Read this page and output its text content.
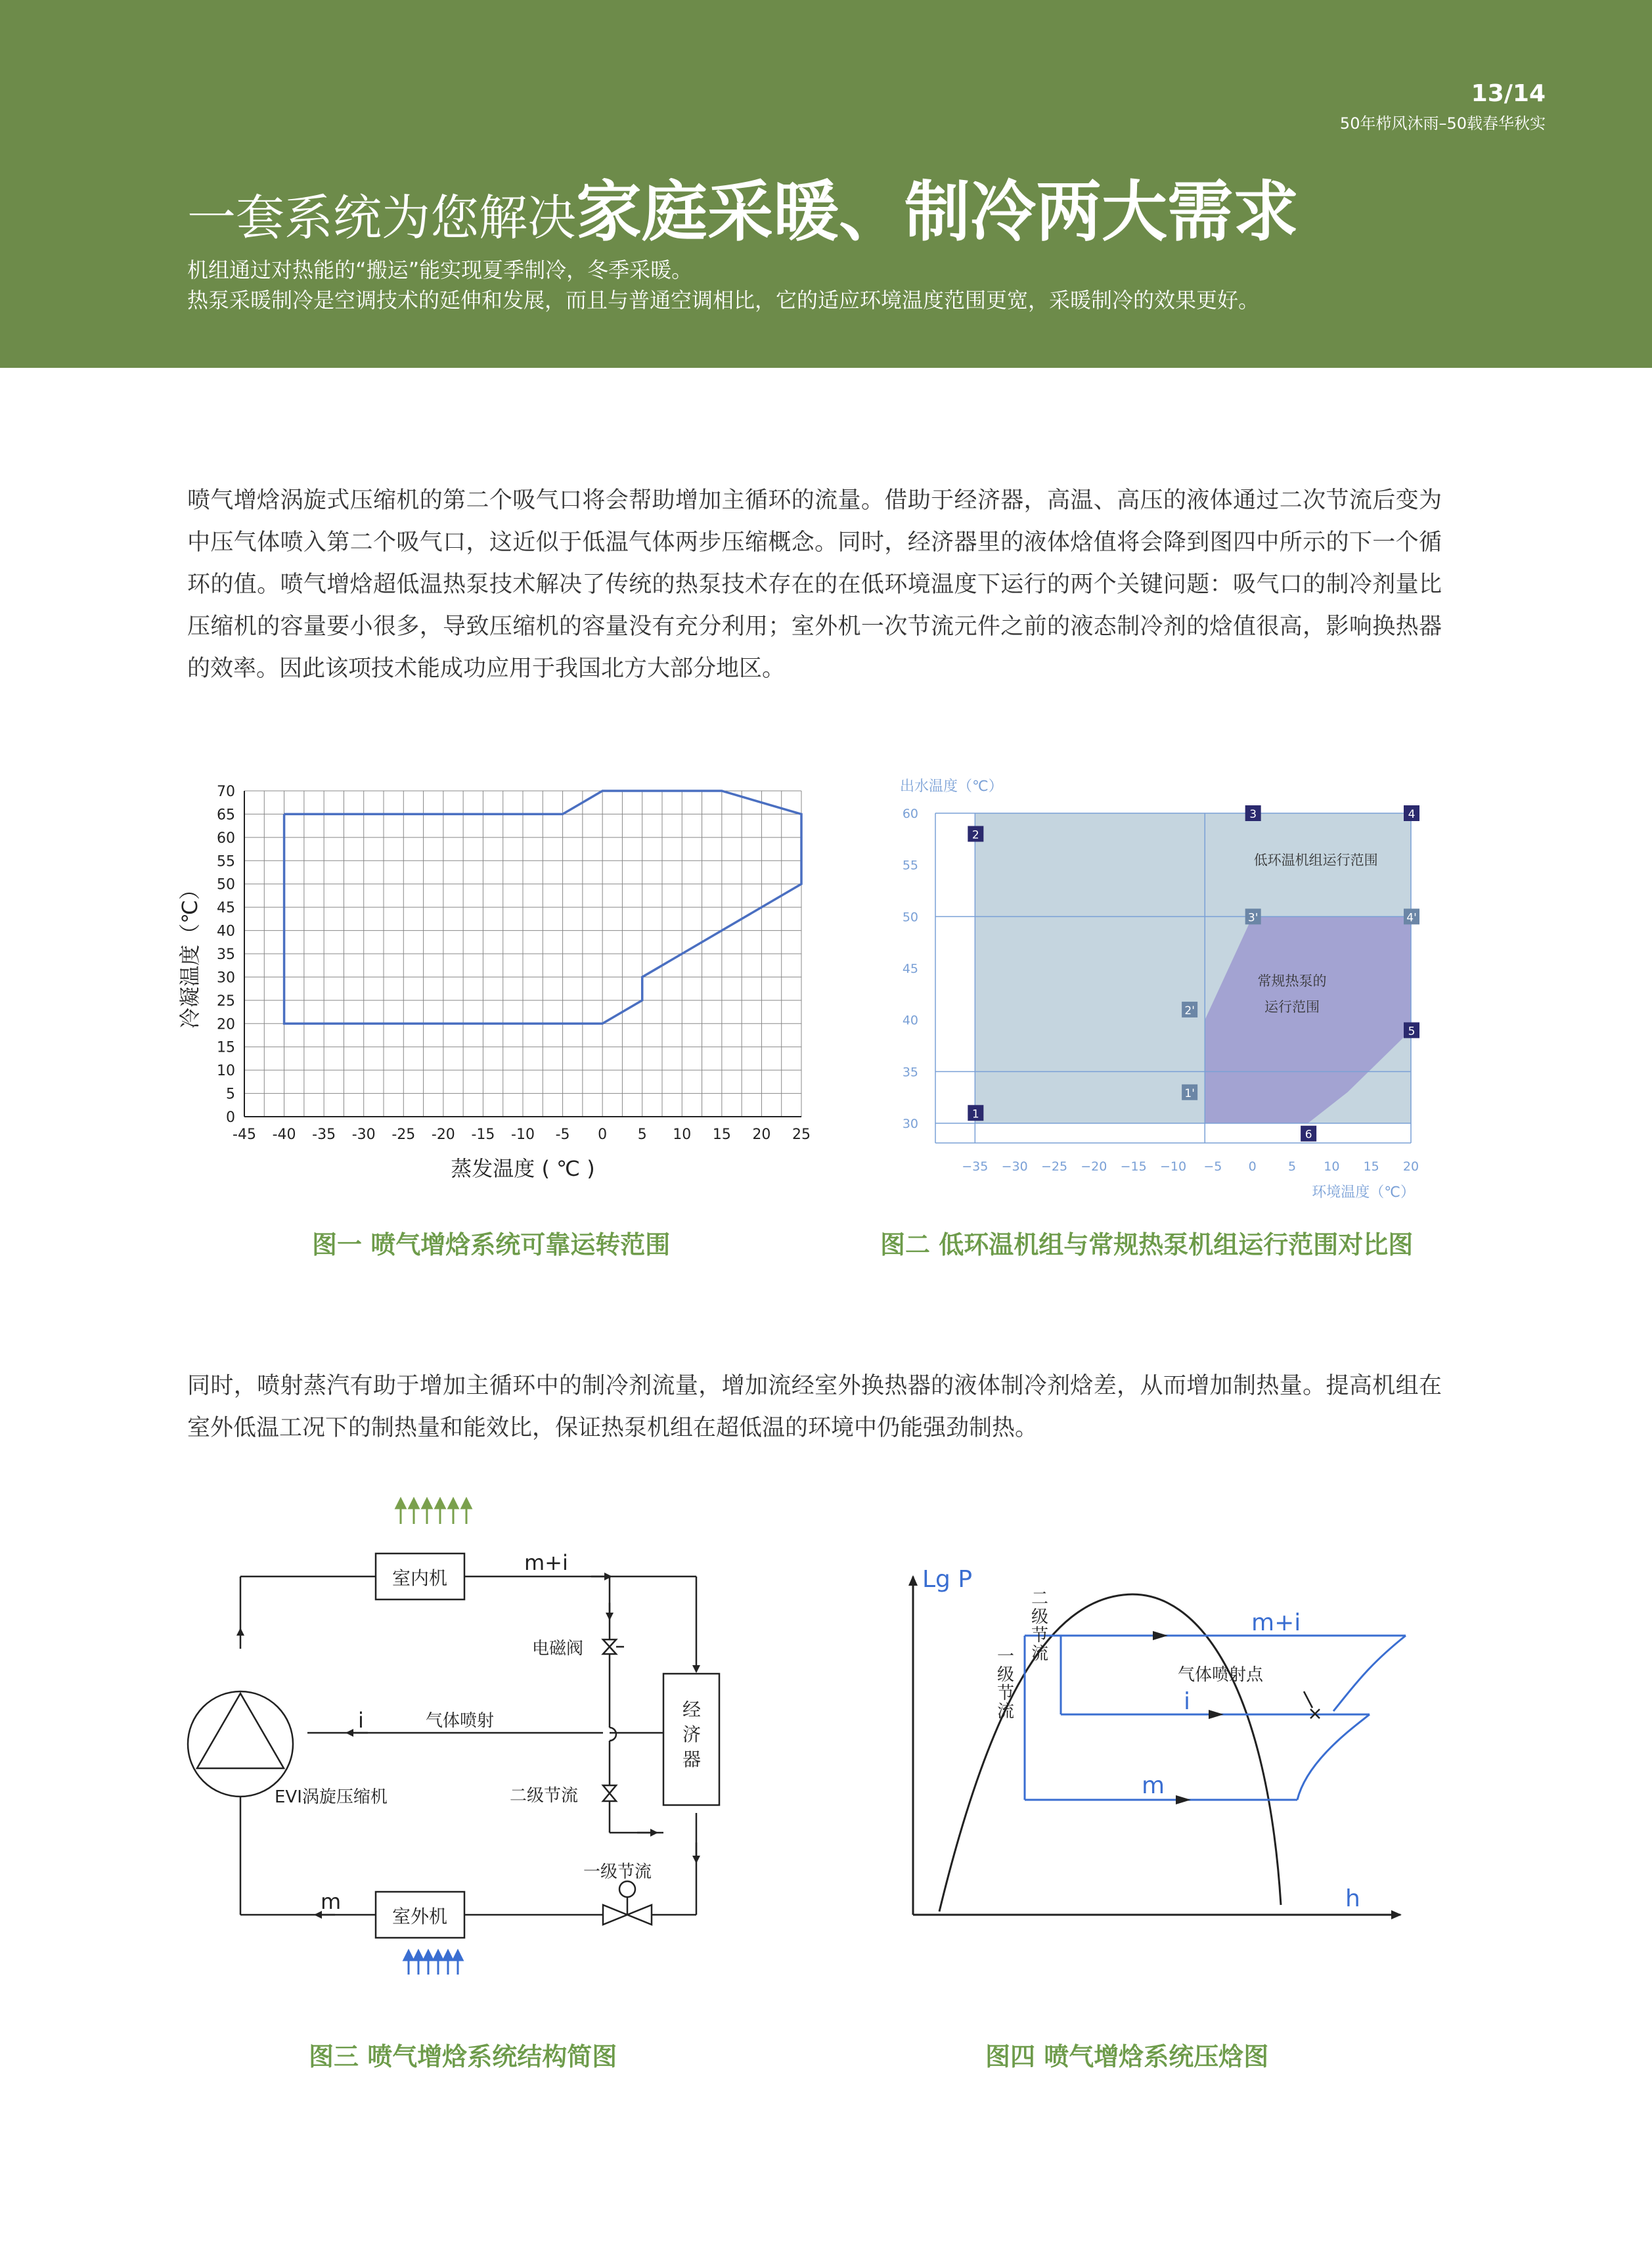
13/14
50年栉风沐雨–50载春华秋实
一套系统为您解决家庭采暖、制冷两大需求
机组通过对热能的“搬运”能实现夏季制冷，冬季采暖。
热泵采暖制冷是空调技术的延伸和发展，而且与普通空调相比，它的适应环境温度范围更宽，采暖制冷的效果更好。
喷气增焓涡旋式压缩机的第二个吸气口将会帮助增加主循环的流量。借助于经济器，高温、高压的液体通过二次节流后变为中压气体喷入第二个吸气口，这近似于低温气体两步压缩概念。同时，经济器里的液体焓值将会降到图四中所示的下一个循环的值。喷气增焓超低温热泵技术解决了传统的热泵技术存在的在低环境温度下运行的两个关键问题：吸气口的制冷剂量比压缩机的容量要小很多，导致压缩机的容量没有充分利用；室外机一次节流元件之前的液态制冷剂的焓值很高，影响换热器的效率。因此该项技术能成功应用于我国北方大部分地区。
-45 -40 -35 -30 -25 -20 -15 -10 -5 0 5 10 15 20 25
0
5
10
15
20
25
30
35
40
45
50
55
60
65
70
蒸发温度 ( ℃ )
冷凝温度（℃）
图一 喷气增焓系统可靠运转范围
30
35
40
45
50
55
60
−35 −30 −25 −20 −15 −10 −5 0	5 10 15 20
出水温度（℃）
环境温度（℃）
低环温机组运行范围
常规热泵的
运行范围
1
2
3	4
3'	4'
2'
1'
5
6
图二 低环温机组与常规热泵机组运行范围对比图
同时，喷射蒸汽有助于增加主循环中的制冷剂流量，增加流经室外换热器的液体制冷剂焓差，从而增加制热量。提高机组在室外低温工况下的制热量和能效比，保证热泵机组在超低温的环境中仍能强劲制热。
室内机
室外机
经
济
器
EVI涡旋压缩机
电磁阀
气体喷射
二级节流
一级节流
m+i
i
m
图三 喷气增焓系统结构简图
Lg P
h
m+i
i
m
气体喷射点
二
级
节
流
一
级
节
流
图四 喷气增焓系统压焓图
